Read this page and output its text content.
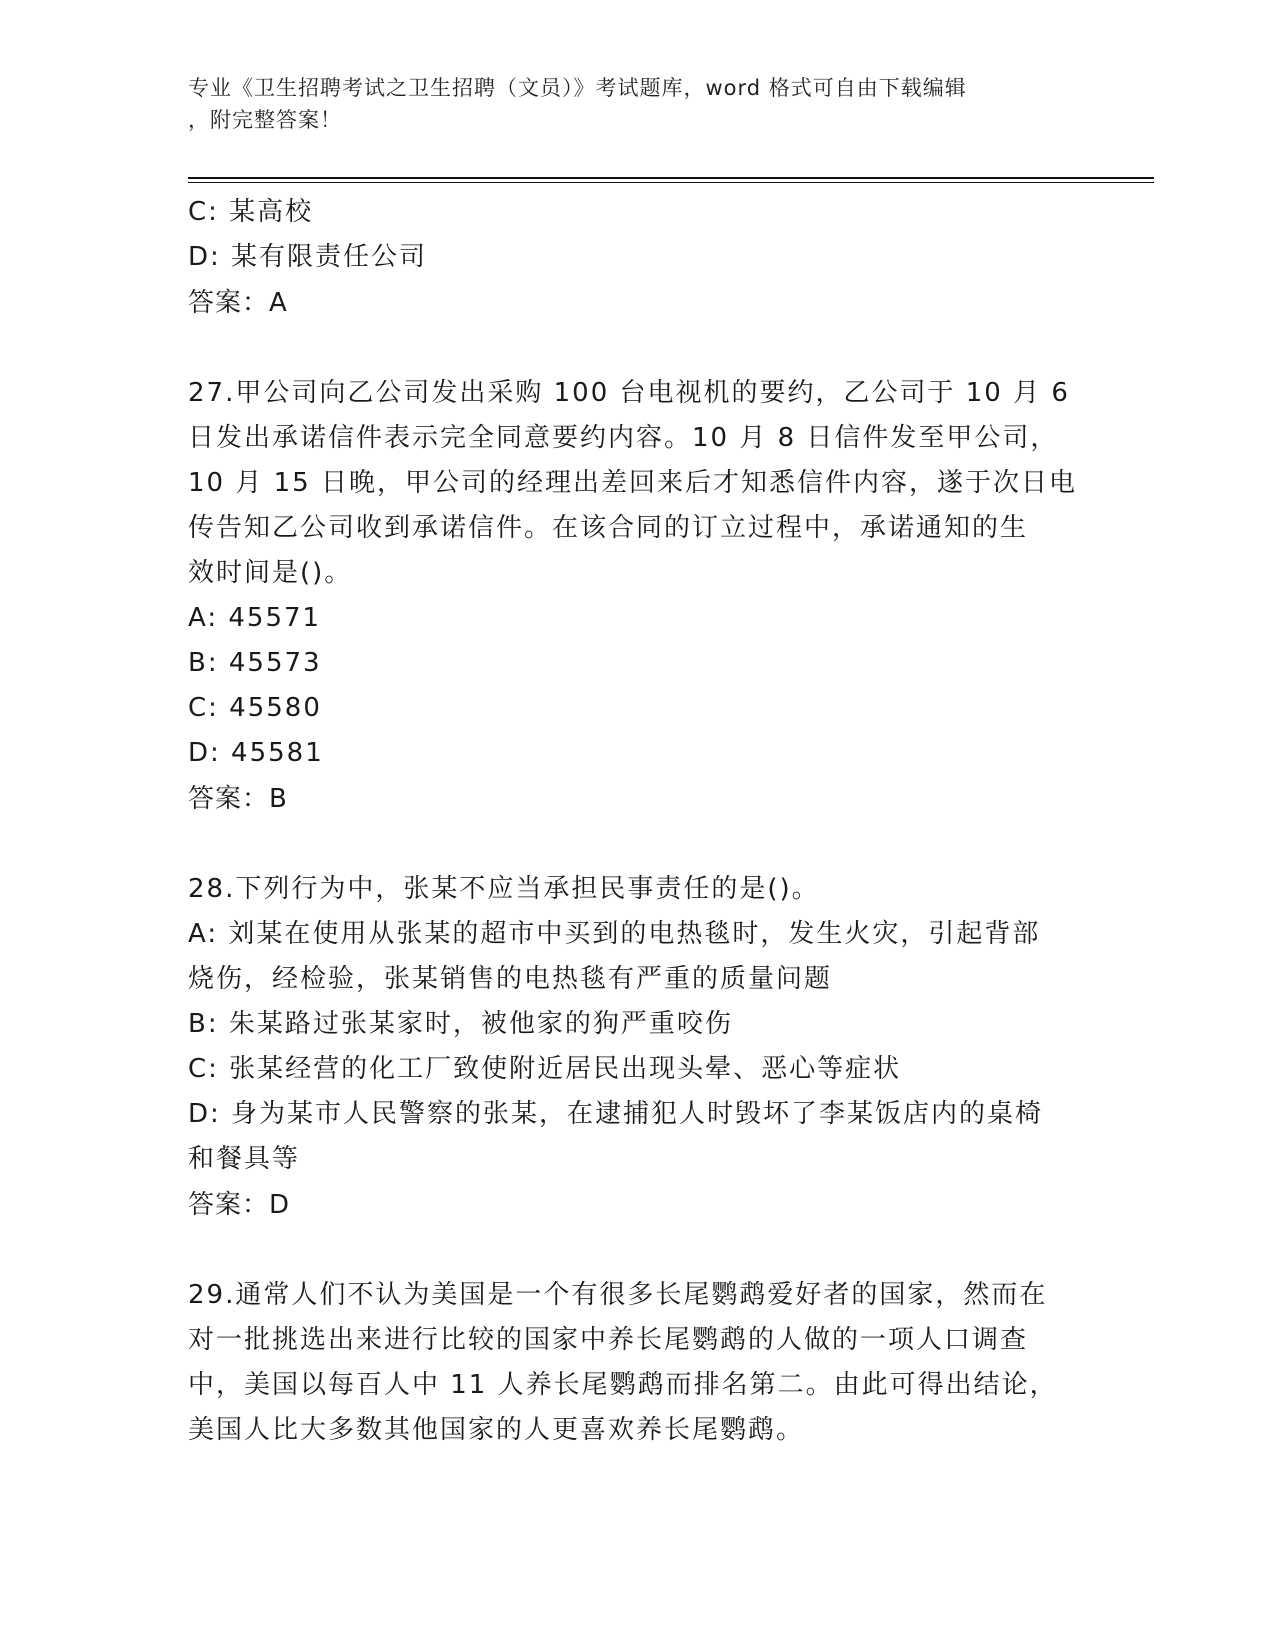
专业《卫生招聘考试之卫生招聘（文员）》考试题库，word 格式可自由下载编辑
，附完整答案！
C: 某高校
D: 某有限责任公司
答案：A
27.甲公司向乙公司发出采购 100 台电视机的要约，乙公司于 10 月 6
日发出承诺信件表示完全同意要约内容。10 月 8 日信件发至甲公司，
10 月 15 日晚，甲公司的经理出差回来后才知悉信件内容，遂于次日电
传告知乙公司收到承诺信件。在该合同的订立过程中，承诺通知的生
效时间是()。
A: 45571
B: 45573
C: 45580
D: 45581
答案：B
28.下列行为中，张某不应当承担民事责任的是()。
A: 刘某在使用从张某的超市中买到的电热毯时，发生火灾，引起背部
烧伤，经检验，张某销售的电热毯有严重的质量问题
B: 朱某路过张某家时，被他家的狗严重咬伤
C: 张某经营的化工厂致使附近居民出现头晕、恶心等症状
D: 身为某市人民警察的张某，在逮捕犯人时毁坏了李某饭店内的桌椅
和餐具等
答案：D
29.通常人们不认为美国是一个有很多长尾鹦鹉爱好者的国家，然而在
对一批挑选出来进行比较的国家中养长尾鹦鹉的人做的一项人口调查
中，美国以每百人中 11 人养长尾鹦鹉而排名第二。由此可得出结论，
美国人比大多数其他国家的人更喜欢养长尾鹦鹉。
